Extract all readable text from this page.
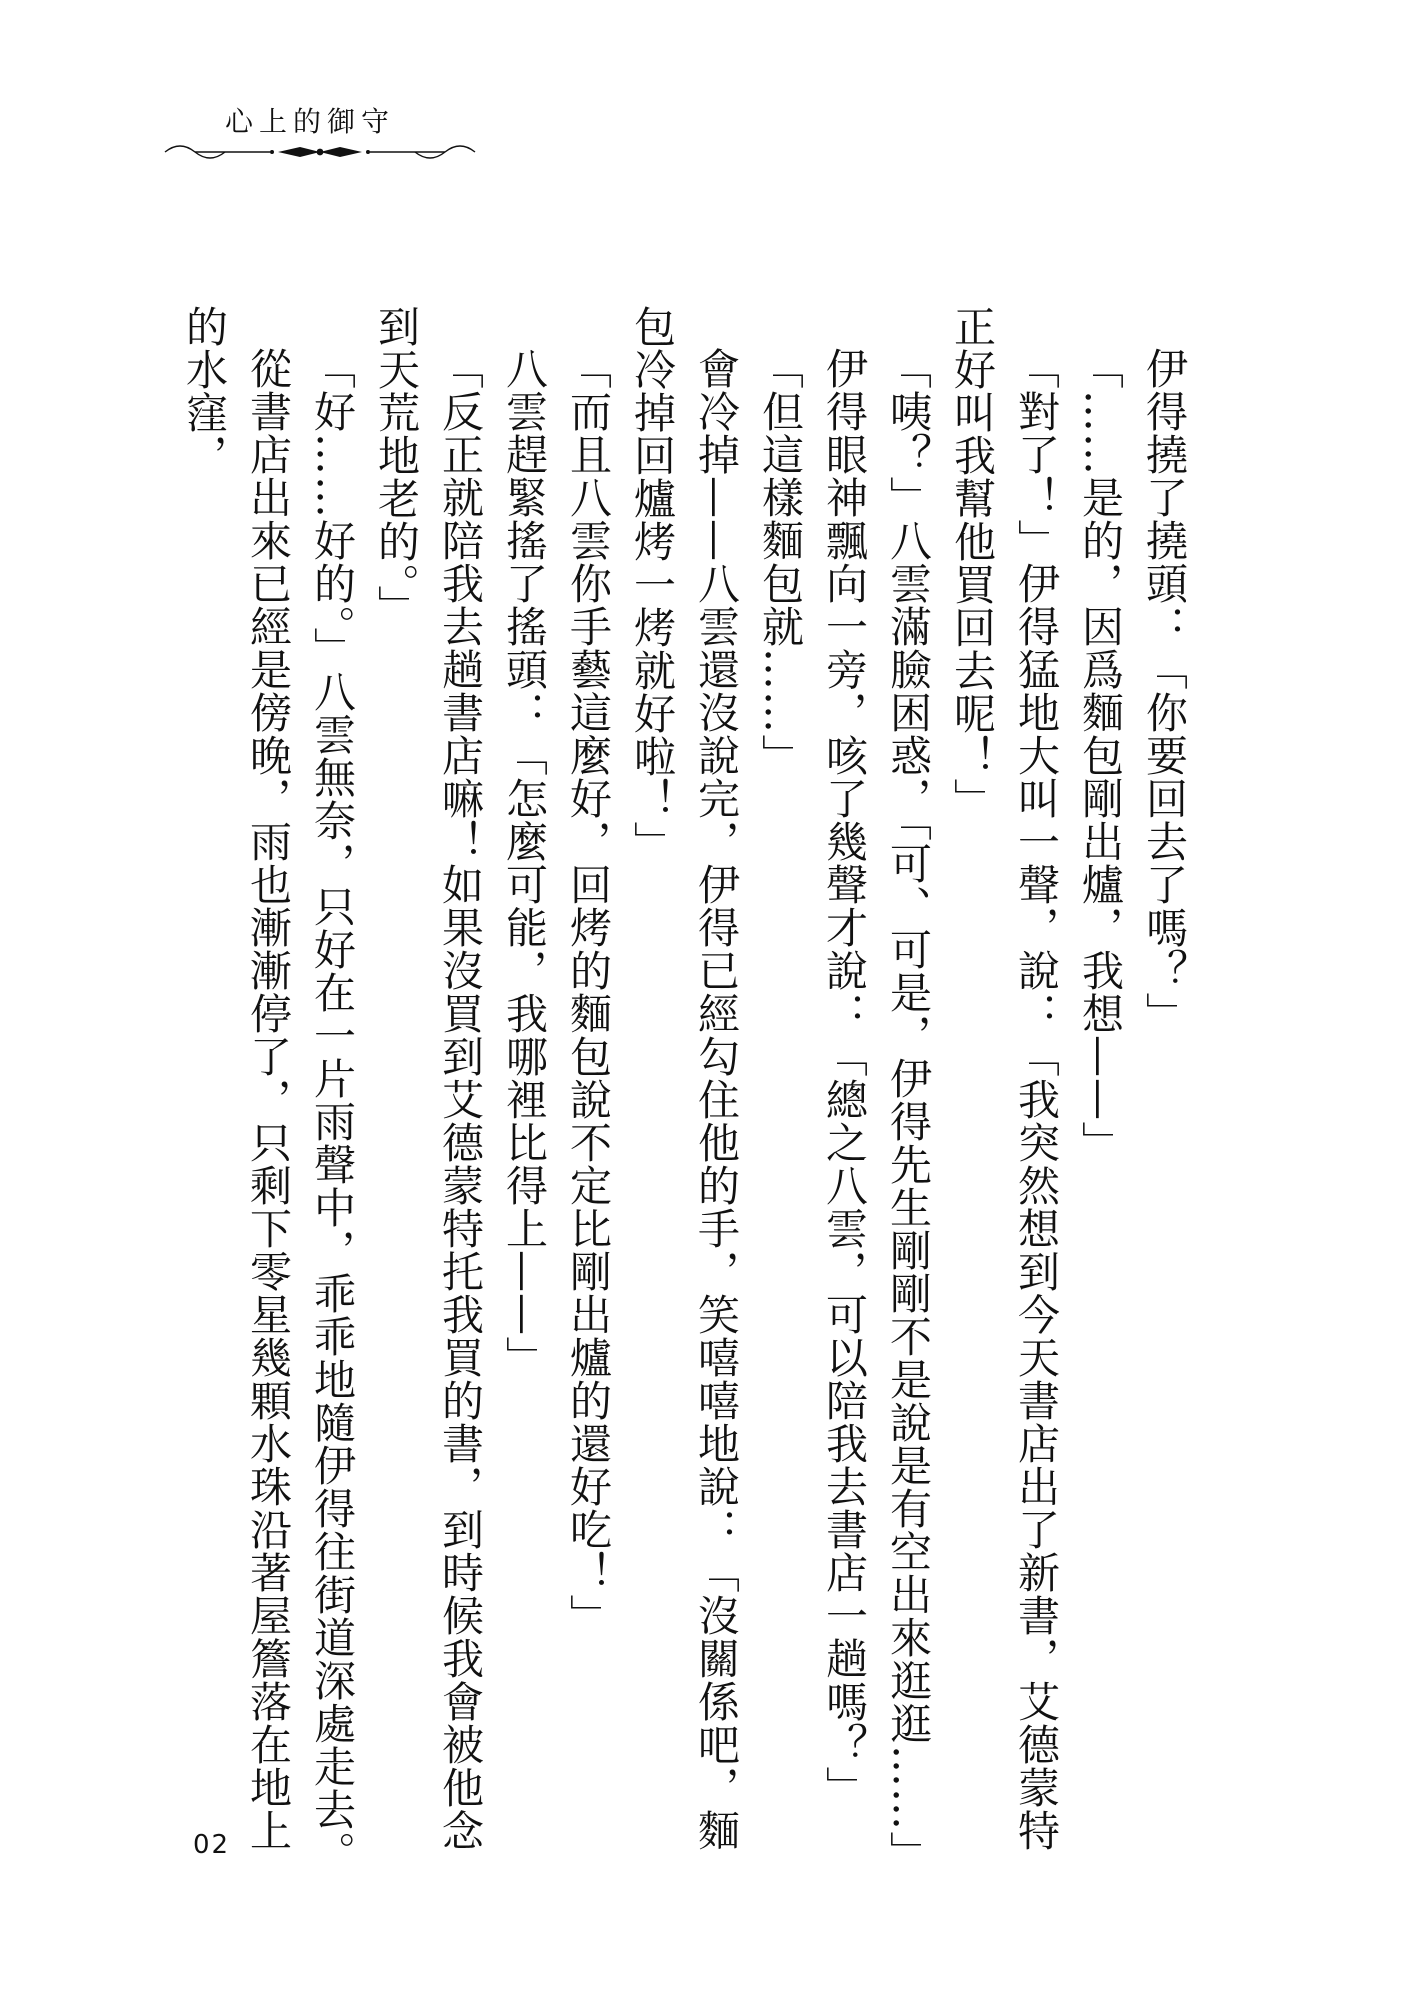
心上的御守

伊得撓了撓頭：「你要回去了嗎？」

「……是的，因爲麵包剛出爐，我想——」

「對了！」伊得猛地大叫一聲，說：「我突然想到今天書店出了新書，艾德蒙特正好叫我幫他買回去呢！」

「咦？」八雲滿臉困惑，「可、可是，伊得先生剛剛不是說是有空出來逛逛……」

伊得眼神飄向一旁，咳了幾聲才說：「總之八雲，可以陪我去書店一趟嗎？」

「但這樣麵包就……」

會冷掉——八雲還沒說完，伊得已經勾住他的手，笑嘻嘻地說：「沒關係吧，麵包冷掉回爐烤一烤就好啦！」

「而且八雲你手藝這麼好，回烤的麵包說不定比剛出爐的還好吃！」

八雲趕緊搖了搖頭：「怎麼可能，我哪裡比得上——」

「反正就陪我去趟書店嘛！如果沒買到艾德蒙特托我買的書，到時候我會被他念到天荒地老的。」

「好……好的。」八雲無奈，只好在一片雨聲中，乖乖地隨伊得往街道深處走去。

從書店出來已經是傍晚，雨也漸漸停了，只剩下零星幾顆水珠沿著屋簷落在地上的水窪，

02
